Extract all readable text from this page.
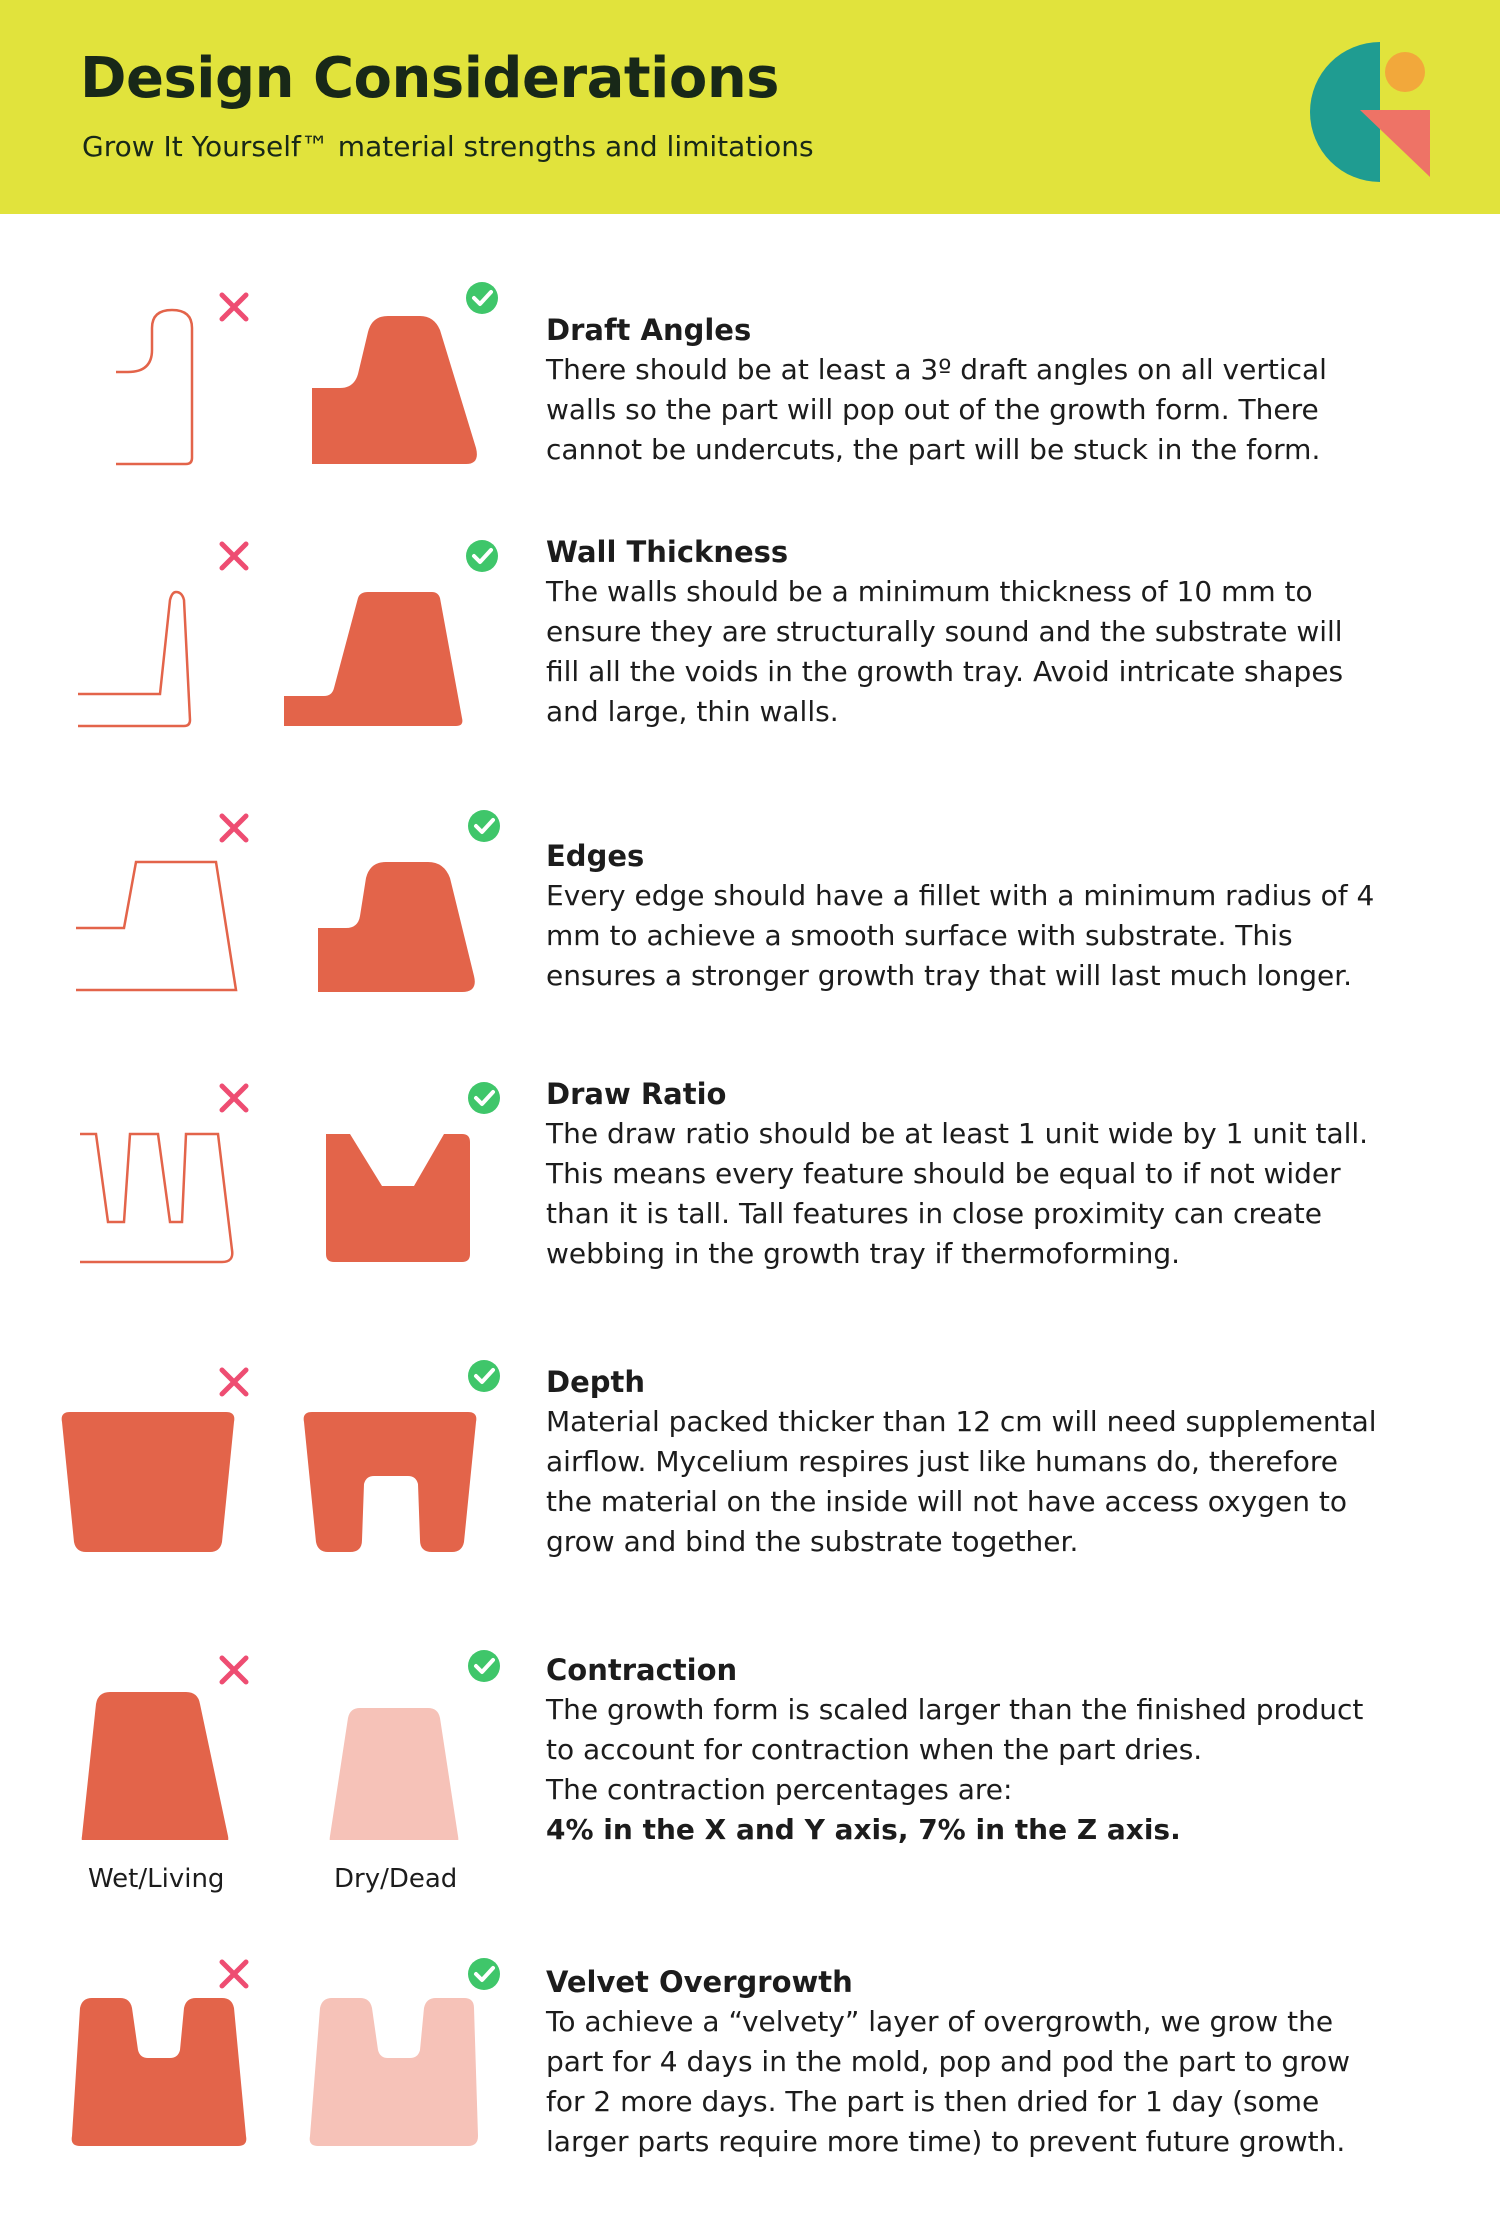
Design Considerations

Grow It Yourself™ material strengths and limitations

Draft Angles

There should be at least a 3º draft angles on all vertical
walls so the part will pop out of the growth form. There
cannot be undercuts, the part will be stuck in the form.

Wall Thickness

The walls should be a minimum thickness of 10 mm to
ensure they are structurally sound and the substrate will
fill all the voids in the growth tray. Avoid intricate shapes
and large, thin walls.

Edges

Every edge should have a fillet with a minimum radius of 4
mm to achieve a smooth surface with substrate. This
ensures a stronger growth tray that will last much longer.

Draw Ratio

The draw ratio should be at least 1 unit wide by 1 unit tall.
This means every feature should be equal to if not wider
than it is tall. Tall features in close proximity can create
webbing in the growth tray if thermoforming.

Depth

Material packed thicker than 12 cm will need supplemental
airflow. Mycelium respires just like humans do, therefore
the material on the inside will not have access oxygen to
grow and bind the substrate together.

Wet/Living	Dry/Dead

Contraction

The growth form is scaled larger than the finished product
to account for contraction when the part dries.
The contraction percentages are:

4% in the X and Y axis, 7% in the Z axis.

Velvet Overgrowth

To achieve a “velvety” layer of overgrowth, we grow the
part for 4 days in the mold, pop and pod the part to grow
for 2 more days. The part is then dried for 1 day (some
larger parts require more time) to prevent future growth.
